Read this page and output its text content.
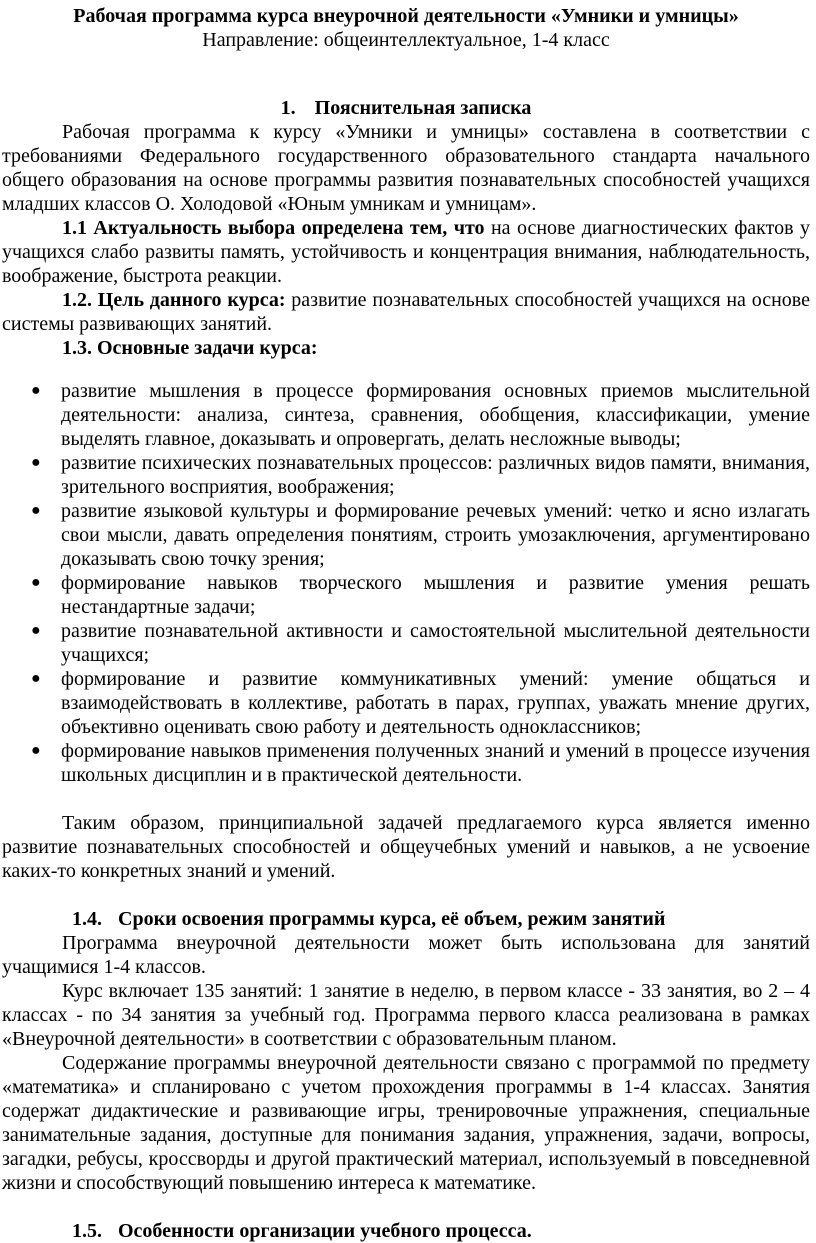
Рабочая программа курса внеурочной деятельности «Умники и умницы»

Направление: общеинтеллектуальное, 1-4 класс

1. Пояснительная записка

Рабочая программа к курсу «Умники и умницы» составлена в соответствии с требованиями Федерального государственного образовательного стандарта начального общего образования на основе программы развития познавательных способностей учащихся младших классов О. Холодовой «Юным умникам и умницам».

1.1 Актуальность выбора определена тем, что на основе диагностических фактов у учащихся слабо развиты память, устойчивость и концентрация внимания, наблюдательность, воображение, быстрота реакции.

1.2. Цель данного курса: развитие познавательных способностей учащихся на основе системы развивающих занятий.

1.3. Основные задачи курса:

● развитие мышления в процессе формирования основных приемов мыслительной деятельности: анализа, синтеза, сравнения, обобщения, классификации, умение выделять главное, доказывать и опровергать, делать несложные выводы;
● развитие психических познавательных процессов: различных видов памяти, внимания, зрительного восприятия, воображения;
● развитие языковой культуры и формирование речевых умений: четко и ясно излагать свои мысли, давать определения понятиям, строить умозаключения, аргументировано доказывать свою точку зрения;
● формирование навыков творческого мышления и развитие умения решать нестандартные задачи;
● развитие познавательной активности и самостоятельной мыслительной деятельности учащихся;
● формирование и развитие коммуникативных умений: умение общаться и взаимодействовать в коллективе, работать в парах, группах, уважать мнение других, объективно оценивать свою работу и деятельность одноклассников;
● формирование навыков применения полученных знаний и умений в процессе изучения школьных дисциплин и в практической деятельности.

Таким образом, принципиальной задачей предлагаемого курса является именно развитие познавательных способностей и общеучебных умений и навыков, а не усвоение каких-то конкретных знаний и умений.

1.4. Сроки освоения программы курса, её объем, режим занятий

Программа внеурочной деятельности может быть использована для занятий учащимися 1-4 классов.

Курс включает 135 занятий: 1 занятие в неделю, в первом классе - 33 занятия, во 2 – 4 классах - по 34 занятия за учебный год. Программа первого класса реализована в рамках «Внеурочной деятельности» в соответствии с образовательным планом.

Содержание программы внеурочной деятельности связано с программой по предмету «математика» и спланировано с учетом прохождения программы в 1-4 классах. Занятия содержат дидактические и развивающие игры, тренировочные упражнения, специальные занимательные задания, доступные для понимания задания, упражнения, задачи, вопросы, загадки, ребусы, кроссворды и другой практический материал, используемый в повседневной жизни и способствующий повышению интереса к математике.

1.5. Особенности организации учебного процесса.
